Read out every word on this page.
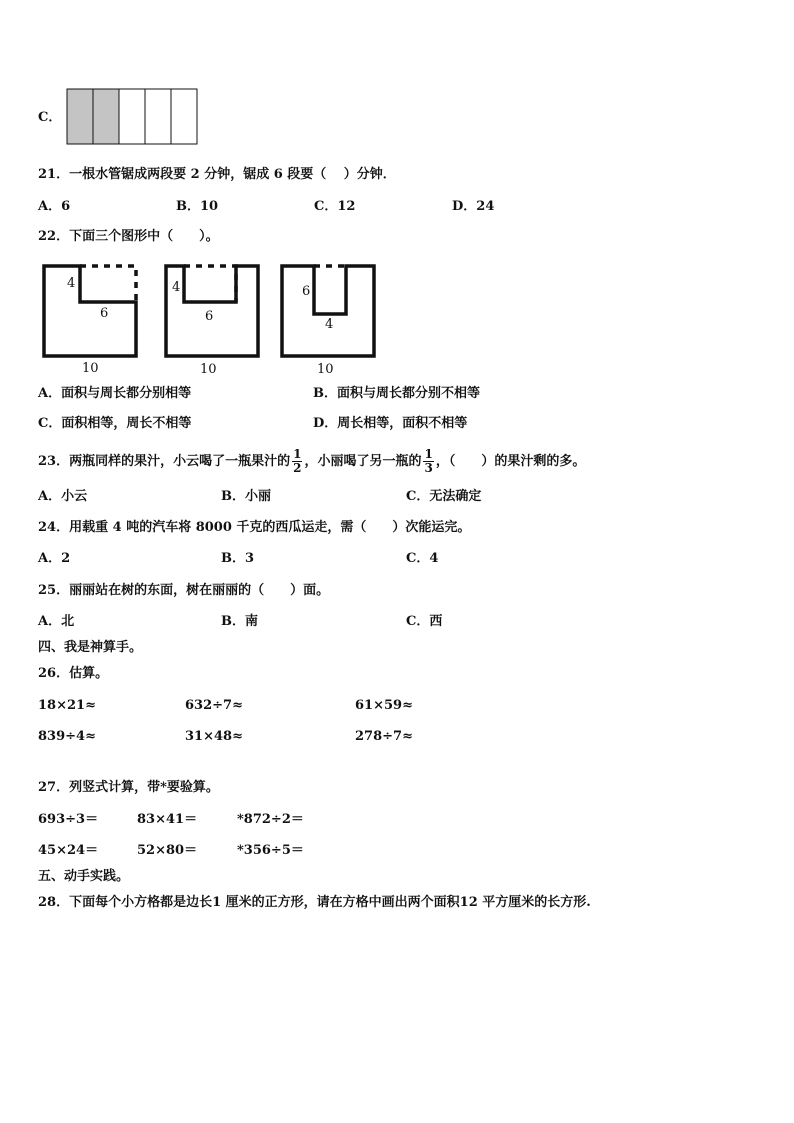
C．
21．一根水管锯成两段要 2 分钟，锯成 6 段要（　 ）分钟．
A．6	B．10	C．12	D．24
22．下面三个图形中（　　）。
4
6
10
4
6
10
6
4
10
A．面积与周长都分别相等	B．面积与周长都分别不相等
C．面积相等，周长不相等	D．周长相等，面积不相等
23．两瓶同样的果汁，小云喝了一瓶果汁的 $\frac{1}{2}$ ，小丽喝了另一瓶的 $\frac{1}{3}$ ，（　　）的果汁剩的多。
A．小云	B．小丽	C．无法确定
24．用载重 4 吨的汽车将 8000 千克的西瓜运走，需（　　）次能运完。
A．2	B．3	C．4
25．丽丽站在树的东面，树在丽丽的（　　）面。
A．北	B．南	C．西
四、我是神算手。
26．估算。
18×21≈	632÷7≈	61×59≈
839÷4≈	31×48≈	278÷7≈
27．列竖式计算，带*要验算。
693÷3＝	83×41＝	*872÷2＝
45×24＝	52×80＝	*356÷5＝
五、动手实践。
28．下面每个小方格都是边长1 厘米的正方形，请在方格中画出两个面积12 平方厘米的长方形.
